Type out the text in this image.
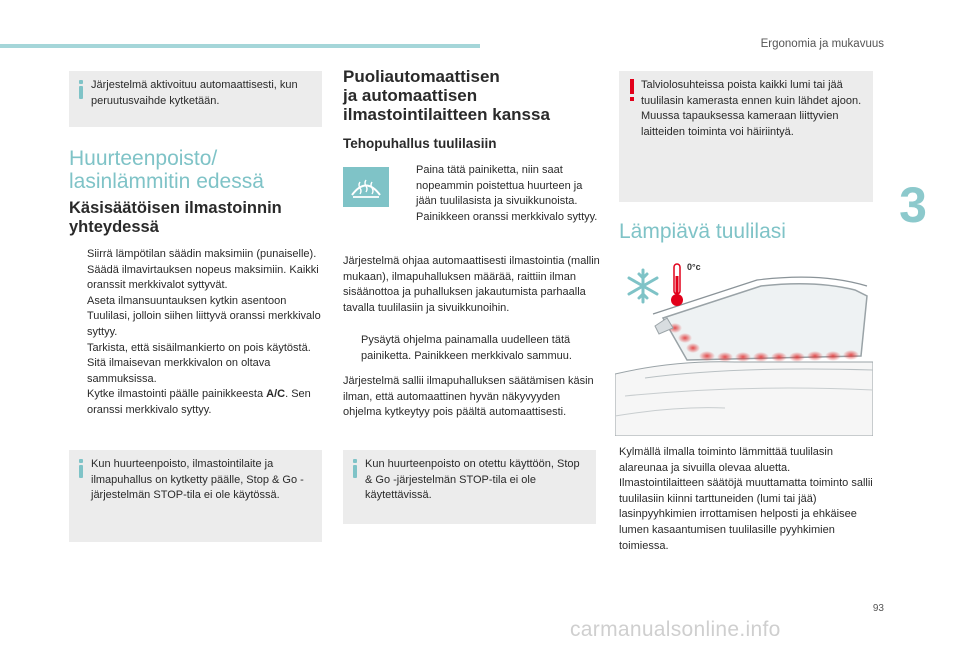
Ergonomia ja mukavuus
3
Järjestelmä aktivoituu automaattisesti, kun peruutusvaihde kytketään.
Huurteenpoisto/
lasinlämmitin edessä
Käsisäätöisen ilmastoinnin
yhteydessä
Siirrä lämpötilan säädin maksimiin (punaiselle).
Säädä ilmavirtauksen nopeus maksimiin. Kaikki oranssit merkkivalot syttyvät.
Aseta ilmansuuntauksen kytkin asentoon Tuulilasi, jolloin siihen liittyvä oranssi merkkivalo syttyy.
Tarkista, että sisäilmankierto on pois käytöstä. Sitä ilmaisevan merkkivalon on oltava sammuksissa.
Kytke ilmastointi päälle painikkeesta A/C. Sen oranssi merkkivalo syttyy.
Kun huurteenpoisto, ilmastointilaite ja ilmapuhallus on kytketty päälle, Stop & Go -järjestelmän STOP-tila ei ole käytössä.
Puoliautomaattisen
ja automaattisen
ilmastointilaitteen kanssa
Tehopuhallus tuulilasiin
Paina tätä painiketta, niin saat nopeammin poistettua huurteen ja jään tuulilasista ja sivuikkunoista. Painikkeen oranssi merkkivalo syttyy.
Järjestelmä ohjaa automaattisesti ilmastointia (mallin mukaan), ilmapuhalluksen määrää, raittiin ilman sisäänottoa ja puhalluksen jakautumista parhaalla tavalla tuulilasiin ja sivuikkunoihin.
Pysäytä ohjelma painamalla uudelleen tätä painiketta. Painikkeen merkkivalo sammuu.
Järjestelmä sallii ilmapuhalluksen säätämisen käsin ilman, että automaattinen hyvän näkyvyyden ohjelma kytkeytyy pois päältä automaattisesti.
Kun huurteenpoisto on otettu käyttöön, Stop & Go -järjestelmän STOP-tila ei ole käytettävissä.
Talviolosuhteissa poista kaikki lumi tai jää tuulilasin kamerasta ennen kuin lähdet ajoon.
Muussa tapauksessa kameraan liittyvien laitteiden toiminta voi häiriintyä.
Lämpiävä tuulilasi
0°c
Kylmällä ilmalla toiminto lämmittää tuulilasin alareunaa ja sivuilla olevaa aluetta. Ilmastointilaitteen säätöjä muuttamatta toiminto sallii tuulilasiin kiinni tarttuneiden (lumi tai jää) lasinpyyhkimien irrottamisen helposti ja ehkäisee lumen kasaantumisen tuulilasille pyyhkimien toimiessa.
93
carmanualsonline.info
